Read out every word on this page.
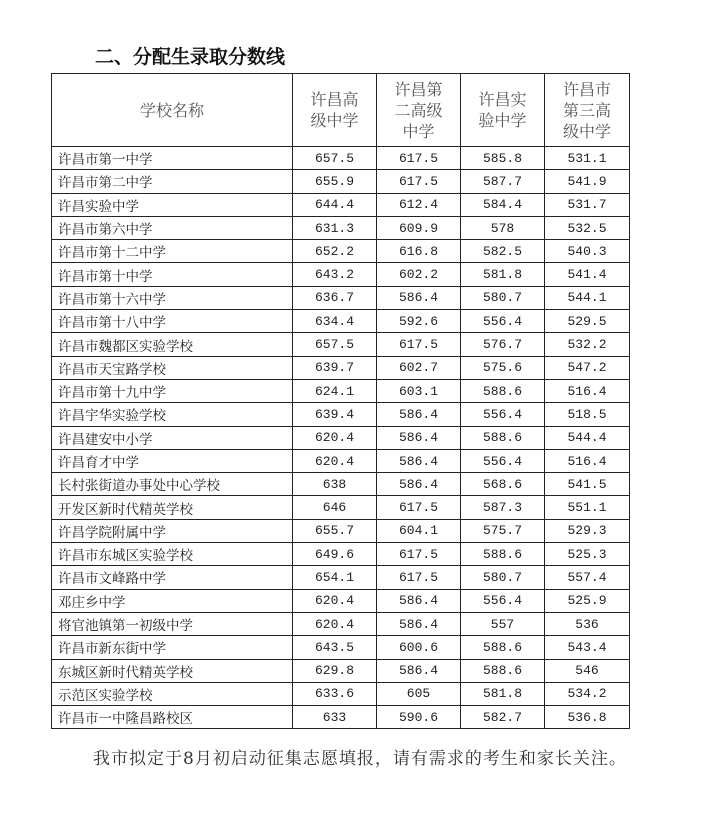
二、分配生录取分数线
学校名称	许昌高级中学	许昌第二高级中学	许昌实验中学	许昌市第三高级中学

许昌市第一中学	657.5	617.5	585.8	531.1
许昌市第二中学	655.9	617.5	587.7	541.9
许昌实验中学	644.4	612.4	584.4	531.7
许昌市第六中学	631.3	609.9	578	532.5
许昌市第十二中学	652.2	616.8	582.5	540.3
许昌市第十中学	643.2	602.2	581.8	541.4
许昌市第十六中学	636.7	586.4	580.7	544.1
许昌市第十八中学	634.4	592.6	556.4	529.5
许昌市魏都区实验学校	657.5	617.5	576.7	532.2
许昌市天宝路学校	639.7	602.7	575.6	547.2
许昌市第十九中学	624.1	603.1	588.6	516.4
许昌宇华实验学校	639.4	586.4	556.4	518.5
许昌建安中小学	620.4	586.4	588.6	544.4
许昌育才中学	620.4	586.4	556.4	516.4
长村张街道办事处中心学校	638	586.4	568.6	541.5
开发区新时代精英学校	646	617.5	587.3	551.1
许昌学院附属中学	655.7	604.1	575.7	529.3
许昌市东城区实验学校	649.6	617.5	588.6	525.3
许昌市文峰路中学	654.1	617.5	580.7	557.4
邓庄乡中学	620.4	586.4	556.4	525.9
将官池镇第一初级中学	620.4	586.4	557	536
许昌市新东街中学	643.5	600.6	588.6	543.4
东城区新时代精英学校	629.8	586.4	588.6	546
示范区实验学校	633.6	605	581.8	534.2
许昌市一中隆昌路校区	633	590.6	582.7	536.8
我市拟定于8月初启动征集志愿填报，请有需求的考生和家长关注。
